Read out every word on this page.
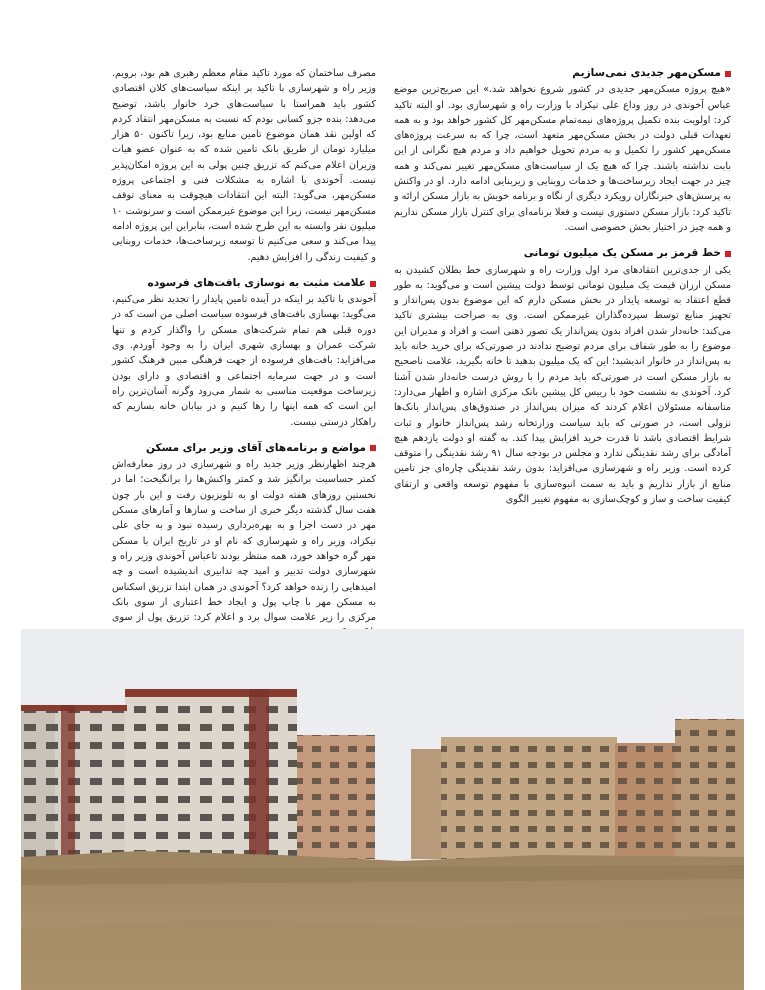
مسکن‌مهر جدیدی نمی‌سازیم

«هیچ پروژه مسکن‌مهر جدیدی در کشور شروع نخواهد شد.» این صریح‌ترین موضع عباس آخوندی در روز وداع علی نیکزاد با وزارت راه و شهرسازی بود. او البته تاکید کرد: اولویت بنده تکمیل پروژه‌های نیمه‌تمام مسکن‌مهر کل کشور خواهد بود و به همه تعهدات قبلی دولت در بخش مسکن‌مهر متعهد است، چرا که به سرعت پروژه‌های مسکن‌مهر کشور را تکمیل و به مردم تحویل خواهیم داد و مردم هیچ نگرانی از این بابت نداشته باشند. چرا که هیچ یک از سیاست‌های مسکن‌مهر تغییر نمی‌کند و همه چیز در جهت ایجاد زیرساخت‌ها و خدمات روبنایی و زیربنایی ادامه دارد. او در واکنش به پرسش‌های خبرنگاران رویکرد دیگری از نگاه و برنامه خویش به بازار مسکن ارائه و تاکید کرد: بازار مسکن دستوری نیست و فعلا برنامه‌ای برای کنترل بازار مسکن نداریم و همه چیز در اختیار بخش خصوصی است.

خط قرمز بر مسکن یک میلیون تومانی

یکی از جدی‌ترین انتقادهای مرد اول وزارت راه و شهرسازی خط بطلان کشیدن به مسکن ارزان قیمت یک میلیون تومانی توسط دولت پیشین است و می‌گوید: به طور قطع اعتقاد به توسعه پایدار در بخش مسکن دارم که این موضوع بدون پس‌انداز و تجهیز منابع توسط سپرده‌گذاران غیرممکن است. وی به صراحت بیشتری تاکید می‌کند: خانه‌دار شدن افراد بدون پس‌انداز یک تصور ذهنی است و افراد و مدیران این موضوع را به طور شفاف برای مردم توضیح ندادند در صورتی‌که برای خرید خانه باید به پس‌انداز در خانوار اندیشید؛ این که یک میلیون بدهید تا خانه بگیرید، علامت ناصحیح به بازار مسکن است در صورتی‌که باید مردم را با روش درست خانه‌دار شدن آشنا کرد. آخوندی به نشست خود با رییس کل پیشین بانک مرکزی اشاره و اظهار می‌دارد: متاسفانه مسئولان اعلام کردند که میزان پس‌انداز در صندوق‌های پس‌انداز بانک‌ها نزولی است، در صورتی که باید سیاست وزارتخانه رشد پس‌انداز خانوار و ثبات شرایط اقتصادی باشد تا قدرت خرید افزایش پیدا کند. به گفته او دولت یازدهم هیچ آمادگی برای رشد نقدینگی ندارد و مجلس در بودجه سال ۹۱ رشد نقدینگی را متوقف کرده است. وزیر راه و شهرسازی می‌افزاید: بدون رشد نقدینگی چاره‌ای جز تامین منابع از بازار نداریم و باید به سمت انبوه‌سازی با مفهوم توسعه واقعی و ارتقای کیفیت ساخت و ساز و کوچک‌سازی به مفهوم تغییر الگوی

مصرف ساختمان که مورد تاکید مقام معظم رهبری هم بود، برویم. وزیر راه و شهرسازی با تاکید بر اینکه سیاست‌های کلان اقتصادی کشور باید همراستا با سیاست‌های خرد خانوار باشد، توضیح می‌دهد: بنده جزو کسانی بودم که نسبت به مسکن‌مهر انتقاد کردم که اولین نقد همان موضوع تامین منابع بود، زیرا تاکنون ۵۰ هزار میلیارد تومان از طریق بانک تامین شده که به عنوان عضو هیات وزیران اعلام می‌کنم که تزریق چنین پولی به این پروژه امکان‌پذیر نیست. آخوندی با اشاره به مشکلات فنی و اجتماعی پروژه مسکن‌مهر، می‌گوید: البته این انتقادات هیچوقت به معنای توقف مسکن‌مهر نیست، زیرا این موضوع غیرممکن است و سرنوشت ۱۰ میلیون نفر وابسته به این طرح شده است، بنابراین این پروژه ادامه پیدا می‌کند و سعی می‌کنیم تا توسعه زیرساخت‌ها، خدمات روبنایی و کیفیت زندگی را افزایش دهیم.

علامت مثبت به نوسازی بافت‌های فرسوده

آخوندی با تاکید بر اینکه در آینده تامین پایدار را تجدید نظر می‌کنیم، می‌گوید: بهسازی بافت‌های فرسوده سیاست اصلی من است که در دوره قبلی هم تمام شرکت‌های مسکن را واگذار کردم و تنها شرکت عمران و بهسازی شهری ایران را به وجود آوردم. وی می‌افزاید: بافت‌های فرسوده از جهت فرهنگی مبین فرهنگ کشور است و در جهت سرمایه اجتماعی و اقتصادی و دارای بودن زیرساخت موقعیت مناسبی به شمار می‌رود وگرنه آسان‌ترین راه این است که همه اینها را رها کنیم و در بیابان خانه بسازیم که راهکار درستی نیست.

مواضع و برنامه‌های آقای وزیر برای مسکن

هرچند اظهارنظر وزیر جدید راه و شهرسازی در روز معارفه‌اش کمتر حساسیت برانگیز شد و کمتر واکنش‌ها را برانگیخت؛ اما در نخستین روزهای هفته دولت او به تلویزیون رفت و این بار چون هفت سال گذشته دیگر خبری از ساخت و سازها و آمارهای مسکن مهر در دست اجرا و به بهره‌برداری رسیده نبود و به جای علی نیکزاد، وزیر راه و شهرسازی که نام او در تاریخ ایران با مسکن مهر گره خواهد خورد، همه منتظر بودند تاعباس آخوندی وزیر راه و شهرسازی دولت تدبیر و امید چه تدابیری اندیشیده است و چه امیدهایی را زنده خواهد کرد؟ آخوندی در همان ابتدا تزریق اسکناس به مسکن مهر با چاپ پول و ایجاد خط اعتباری از سوی بانک مرکزی را زیر علامت سوال برد و اعلام کرد: تزریق پول از سوی
